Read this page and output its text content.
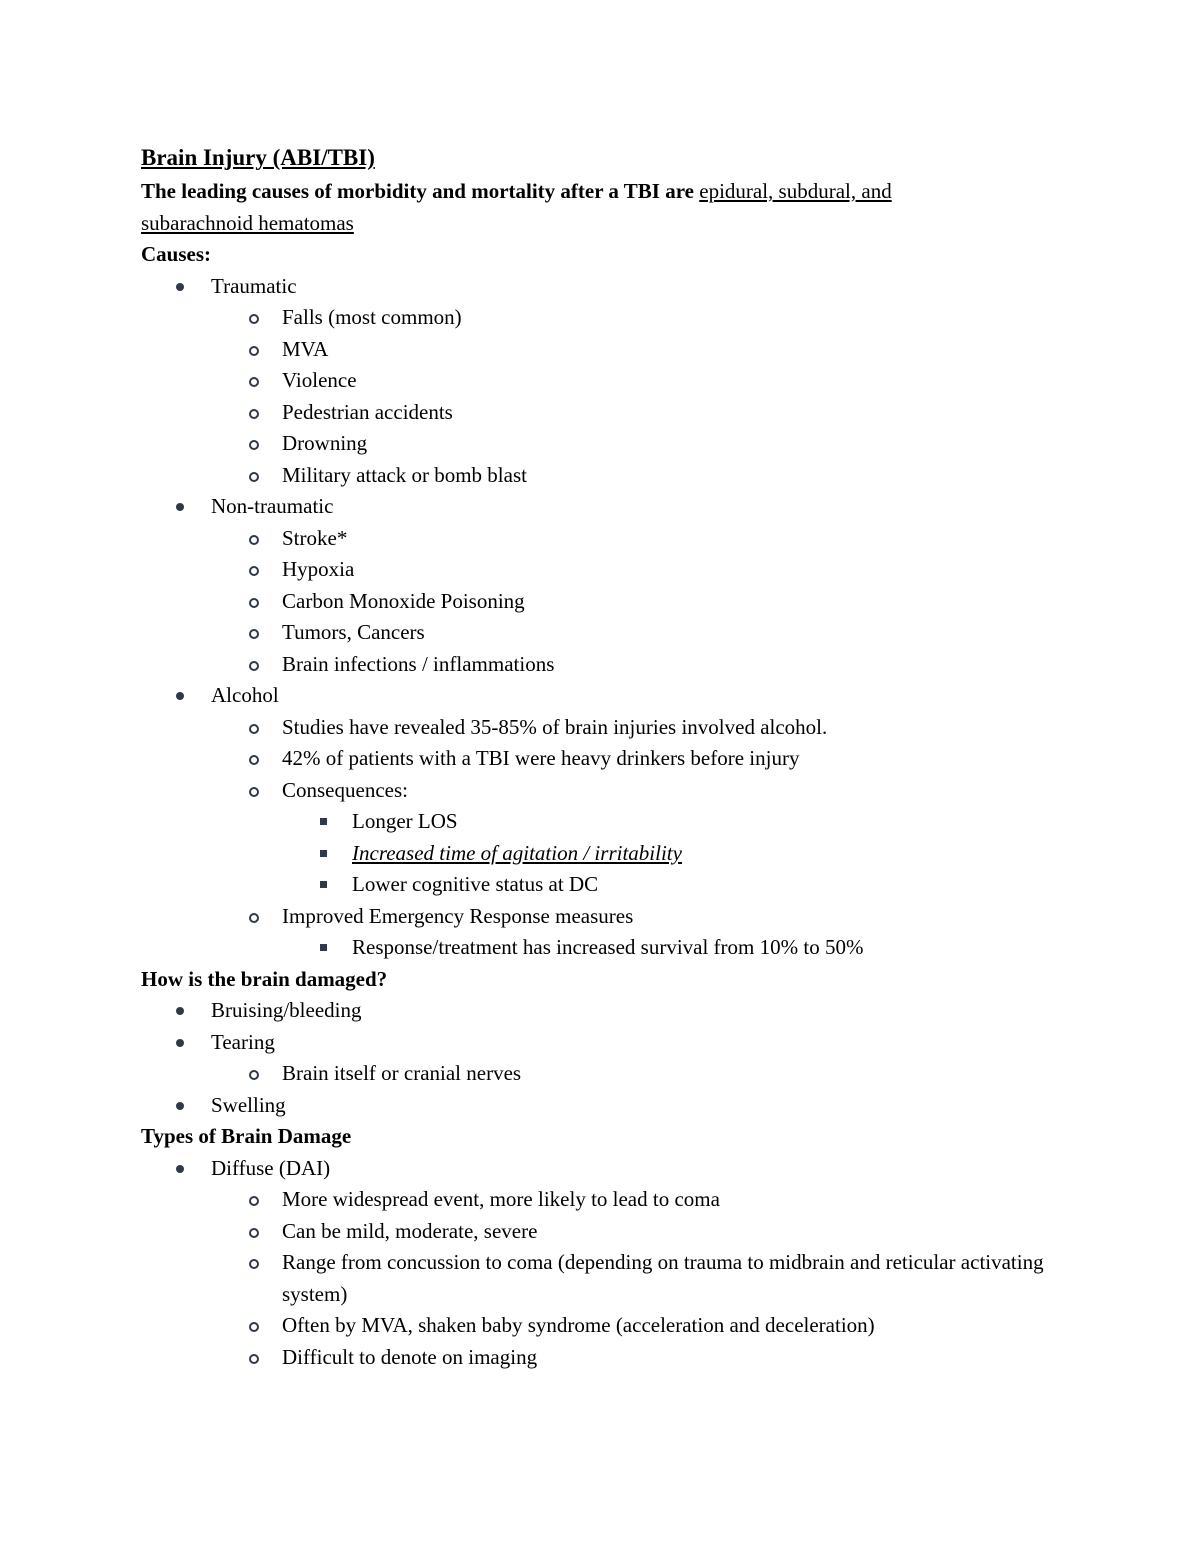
Brain Injury (ABI/TBI)
The leading causes of morbidity and mortality after a TBI are epidural, subdural, and
subarachnoid hematomas
Causes:
Traumatic
Falls (most common)
MVA
Violence
Pedestrian accidents
Drowning
Military attack or bomb blast
Non-traumatic
Stroke*
Hypoxia
Carbon Monoxide Poisoning
Tumors, Cancers
Brain infections / inflammations
Alcohol
Studies have revealed 35-85% of brain injuries involved alcohol.
42% of patients with a TBI were heavy drinkers before injury
Consequences:
Longer LOS
Increased time of agitation / irritability
Lower cognitive status at DC
Improved Emergency Response measures
Response/treatment has increased survival from 10% to 50%
How is the brain damaged?
Bruising/bleeding
Tearing
Brain itself or cranial nerves
Swelling
Types of Brain Damage
Diffuse (DAI)
More widespread event, more likely to lead to coma
Can be mild, moderate, severe
Range from concussion to coma (depending on trauma to midbrain and reticular activating system)
Often by MVA, shaken baby syndrome (acceleration and deceleration)
Difficult to denote on imaging
